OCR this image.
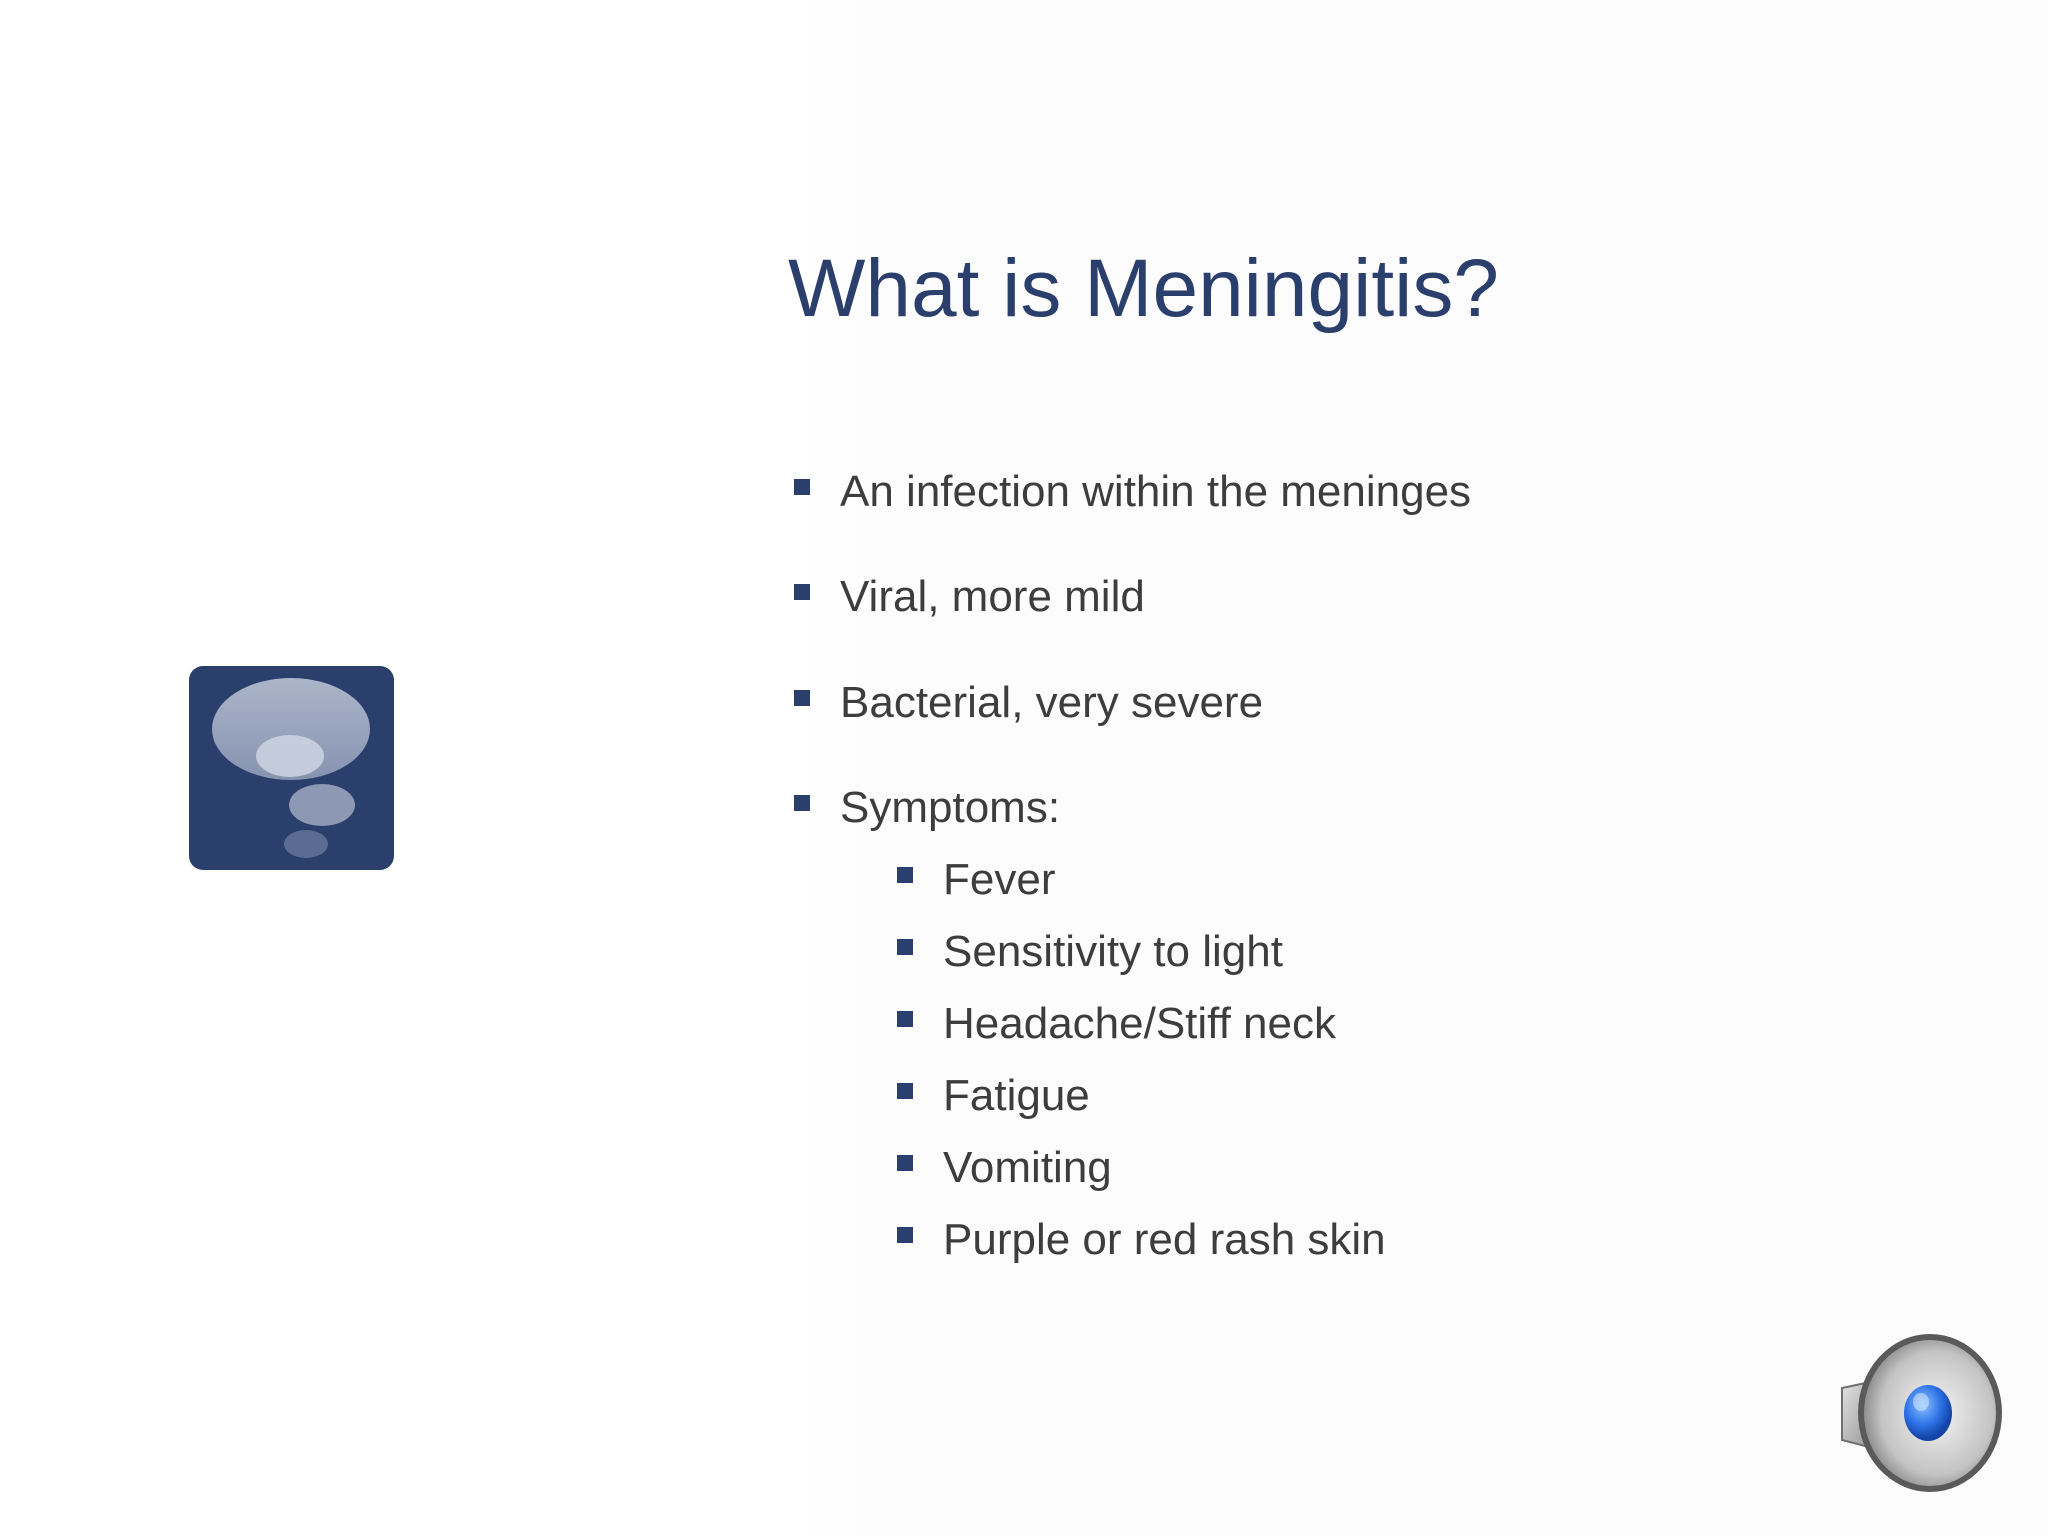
What is Meningitis?
An infection within the meninges
Viral, more mild
Bacterial, very severe
Symptoms:
Fever
Sensitivity to light
Headache/Stiff neck
Fatigue
Vomiting
Purple or red rash skin
